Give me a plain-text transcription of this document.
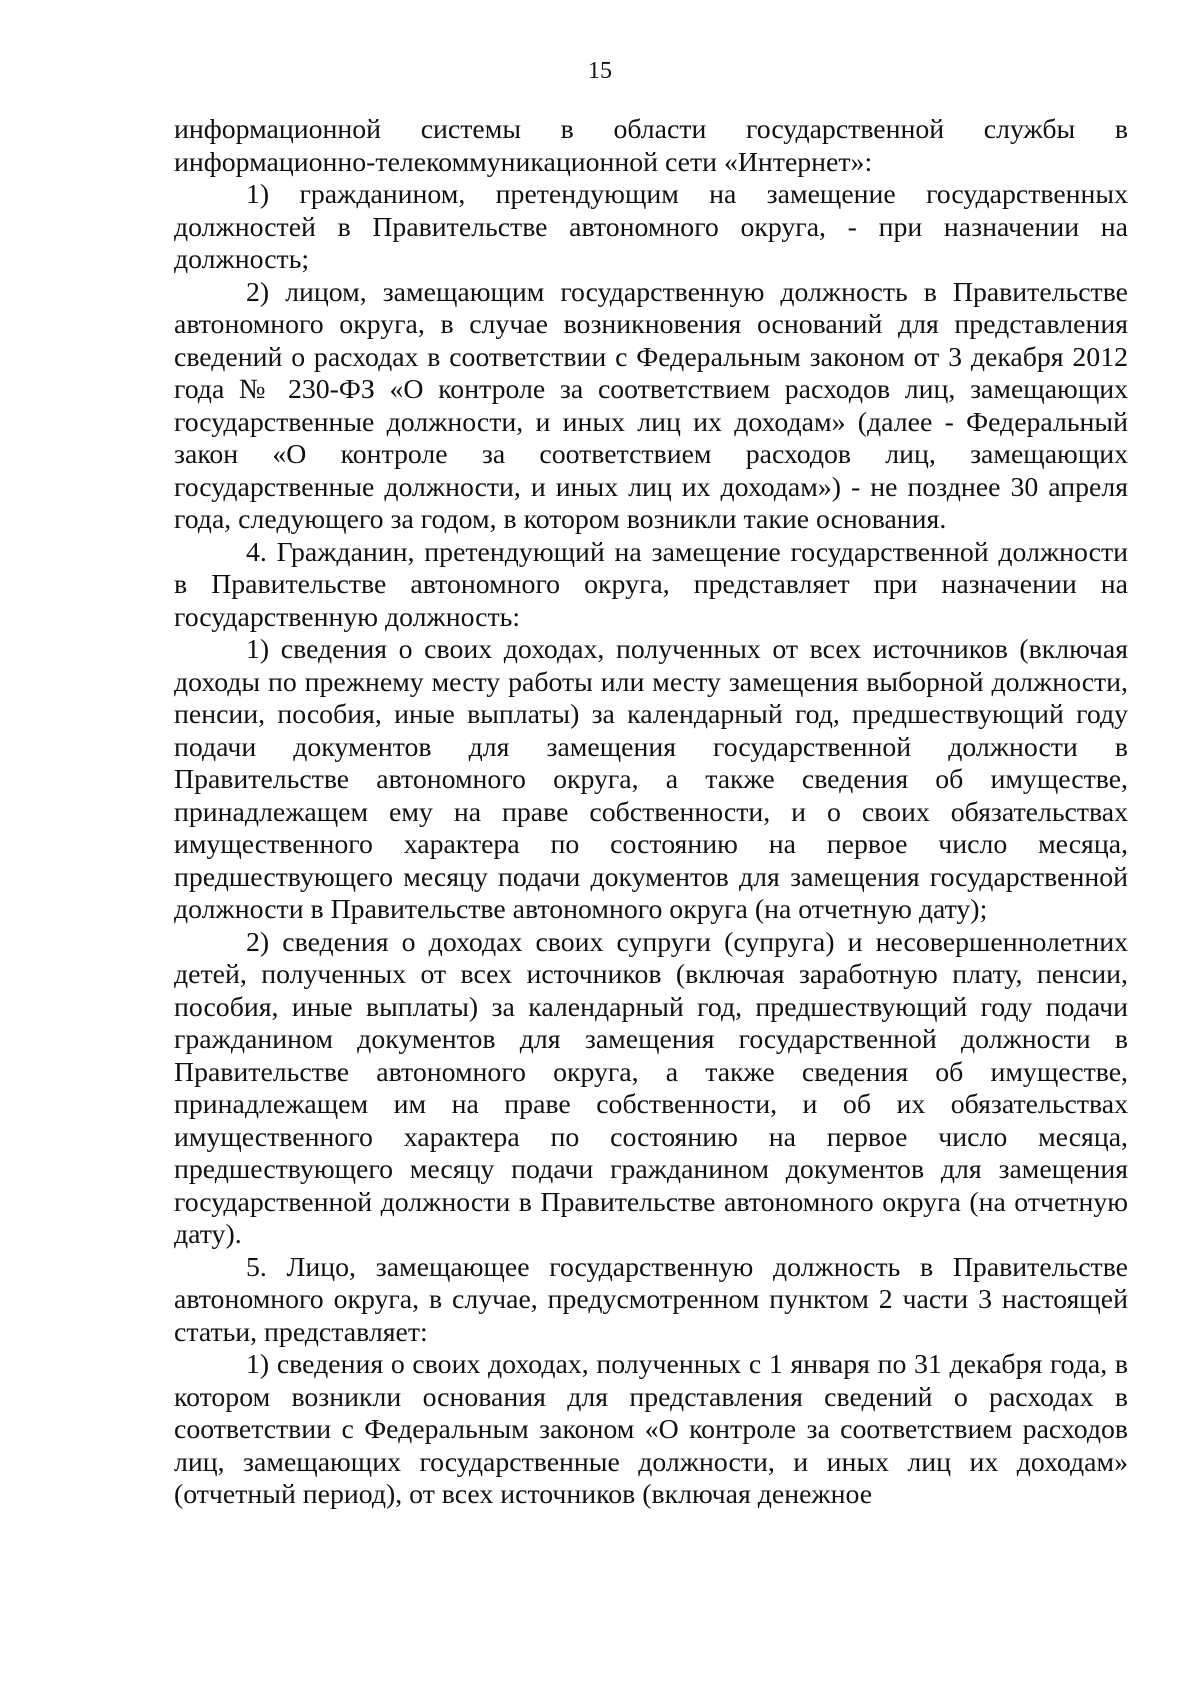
15

информационной системы в области государственной службы в информационно-телекоммуникационной сети «Интернет»:

1) гражданином, претендующим на замещение государственных должностей в Правительстве автономного округа, - при назначении на должность;

2) лицом, замещающим государственную должность в Правительстве автономного округа, в случае возникновения оснований для представления сведений о расходах в соответствии с Федеральным законом от 3 декабря 2012 года № 230-ФЗ «О контроле за соответствием расходов лиц, замещающих государственные должности, и иных лиц их доходам» (далее - Федеральный закон «О контроле за соответствием расходов лиц, замещающих государственные должности, и иных лиц их доходам») - не позднее 30 апреля года, следующего за годом, в котором возникли такие основания.

4. Гражданин, претендующий на замещение государственной должности в Правительстве автономного округа, представляет при назначении на государственную должность:

1) сведения о своих доходах, полученных от всех источников (включая доходы по прежнему месту работы или месту замещения выборной должности, пенсии, пособия, иные выплаты) за календарный год, предшествующий году подачи документов для замещения государственной должности в Правительстве автономного округа, а также сведения об имуществе, принадлежащем ему на праве собственности, и о своих обязательствах имущественного характера по состоянию на первое число месяца, предшествующего месяцу подачи документов для замещения государственной должности в Правительстве автономного округа (на отчетную дату);

2) сведения о доходах своих супруги (супруга) и несовершеннолетних детей, полученных от всех источников (включая заработную плату, пенсии, пособия, иные выплаты) за календарный год, предшествующий году подачи гражданином документов для замещения государственной должности в Правительстве автономного округа, а также сведения об имуществе, принадлежащем им на праве собственности, и об их обязательствах имущественного характера по состоянию на первое число месяца, предшествующего месяцу подачи гражданином документов для замещения государственной должности в Правительстве автономного округа (на отчетную дату).

5. Лицо, замещающее государственную должность в Правительстве автономного округа, в случае, предусмотренном пунктом 2 части 3 настоящей статьи, представляет:

1) сведения о своих доходах, полученных с 1 января по 31 декабря года, в котором возникли основания для представления сведений о расходах в соответствии с Федеральным законом «О контроле за соответствием расходов лиц, замещающих государственные должности, и иных лиц их доходам» (отчетный период), от всех источников (включая денежное
